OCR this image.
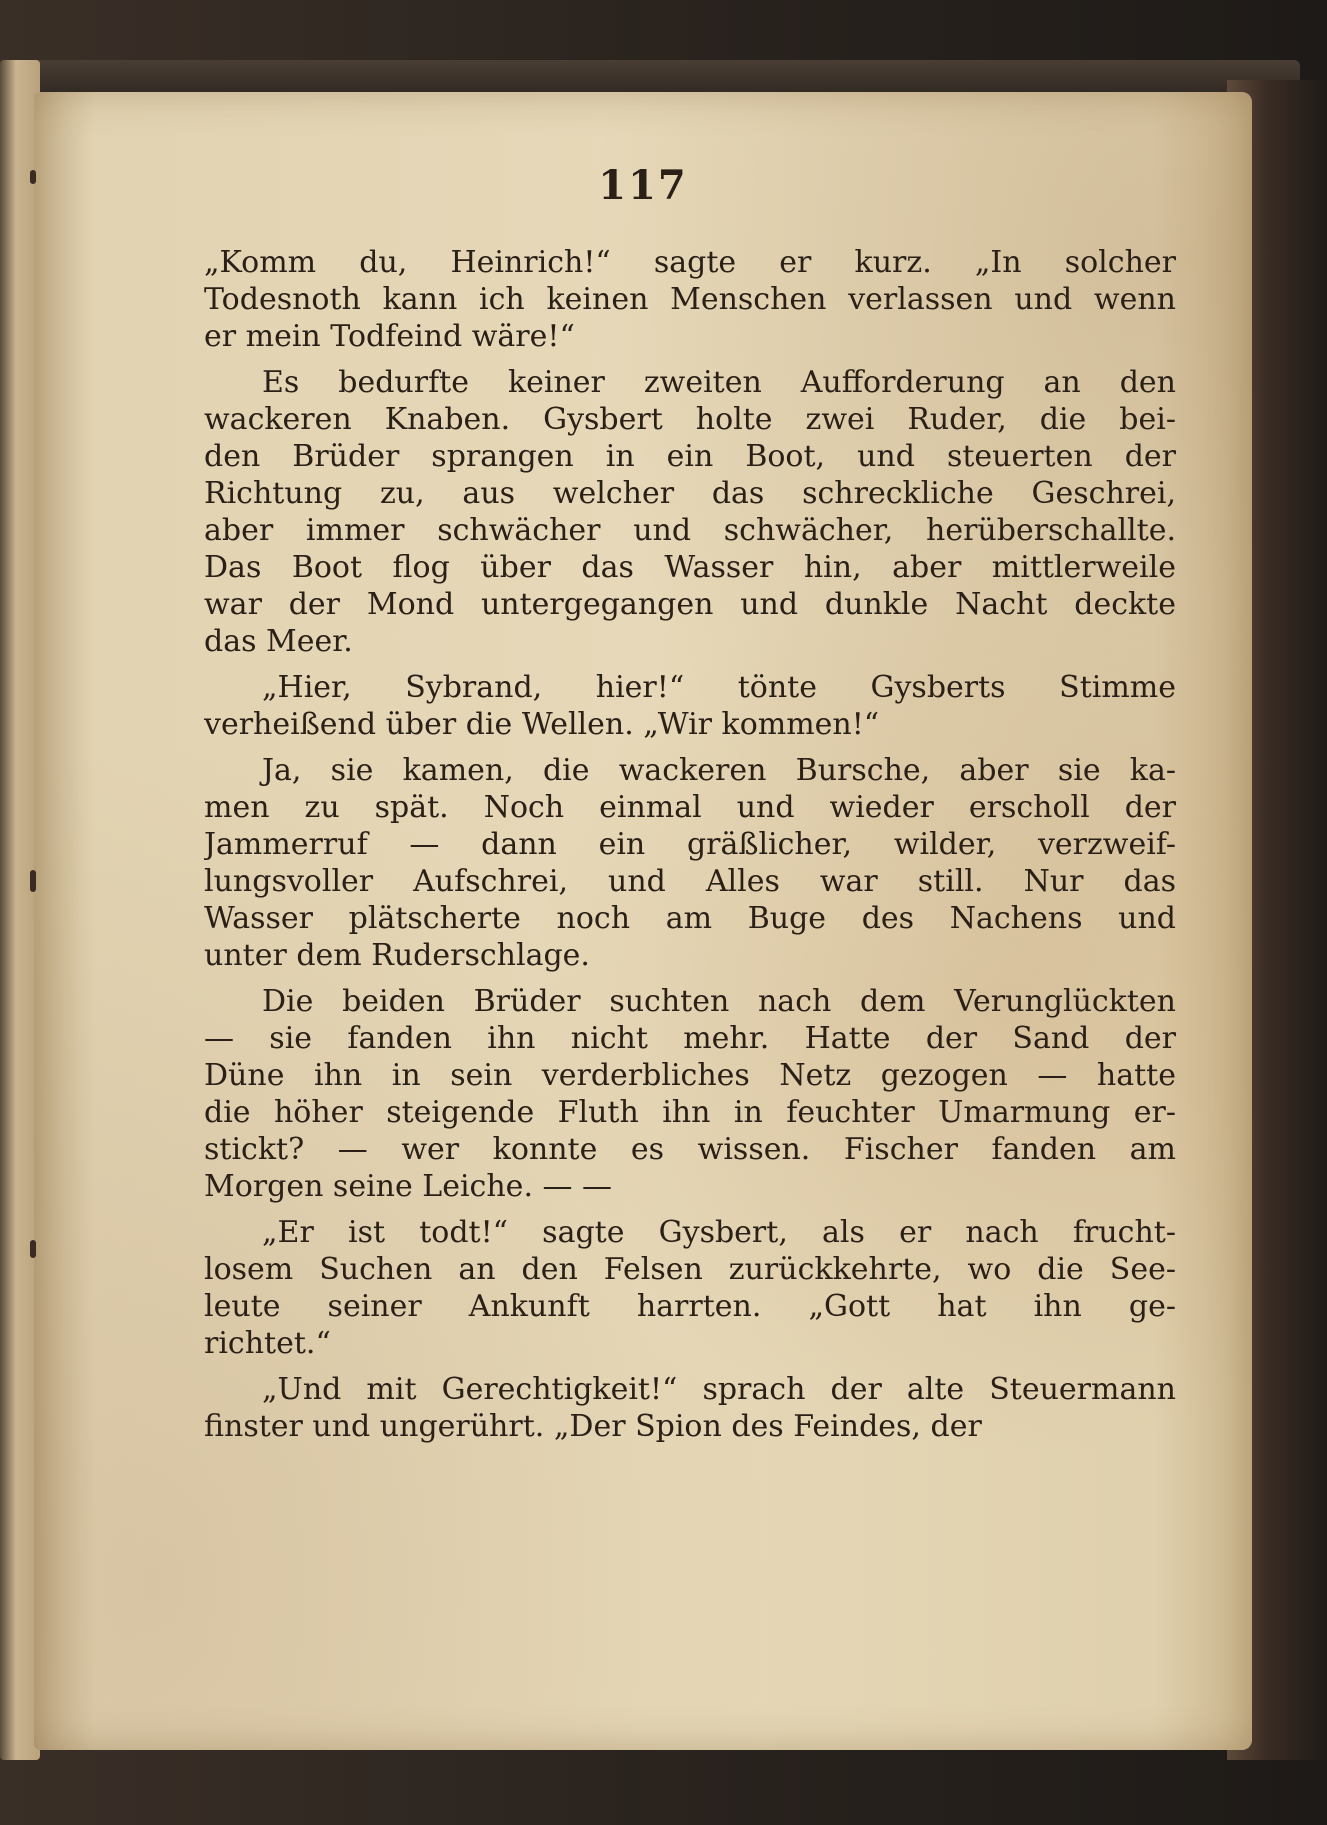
117
„Komm du, Heinrich!“ sagte er kurz. „In solcher
Todesnoth kann ich keinen Menschen verlassen und wenn
er mein Todfeind wäre!“
Es bedurfte keiner zweiten Aufforderung an den
wackeren Knaben. Gysbert holte zwei Ruder, die bei-
den Brüder sprangen in ein Boot, und steuerten der
Richtung zu, aus welcher das schreckliche Geschrei,
aber immer schwächer und schwächer, herüberschallte.
Das Boot flog über das Wasser hin, aber mittlerweile
war der Mond untergegangen und dunkle Nacht deckte
das Meer.
„Hier, Sybrand, hier!“ tönte Gysberts Stimme
verheißend über die Wellen. „Wir kommen!“
Ja, sie kamen, die wackeren Bursche, aber sie ka-
men zu spät. Noch einmal und wieder erscholl der
Jammerruf — dann ein gräßlicher, wilder, verzweif-
lungsvoller Aufschrei, und Alles war still. Nur das
Wasser plätscherte noch am Buge des Nachens und
unter dem Ruderschlage.
Die beiden Brüder suchten nach dem Verunglückten
— sie fanden ihn nicht mehr. Hatte der Sand der
Düne ihn in sein verderbliches Netz gezogen — hatte
die höher steigende Fluth ihn in feuchter Umarmung er-
stickt? — wer konnte es wissen. Fischer fanden am
Morgen seine Leiche. — —
„Er ist todt!“ sagte Gysbert, als er nach frucht-
losem Suchen an den Felsen zurückkehrte, wo die See-
leute seiner Ankunft harrten. „Gott hat ihn ge-
richtet.“
„Und mit Gerechtigkeit!“ sprach der alte Steuermann
finster und ungerührt. „Der Spion des Feindes, der
